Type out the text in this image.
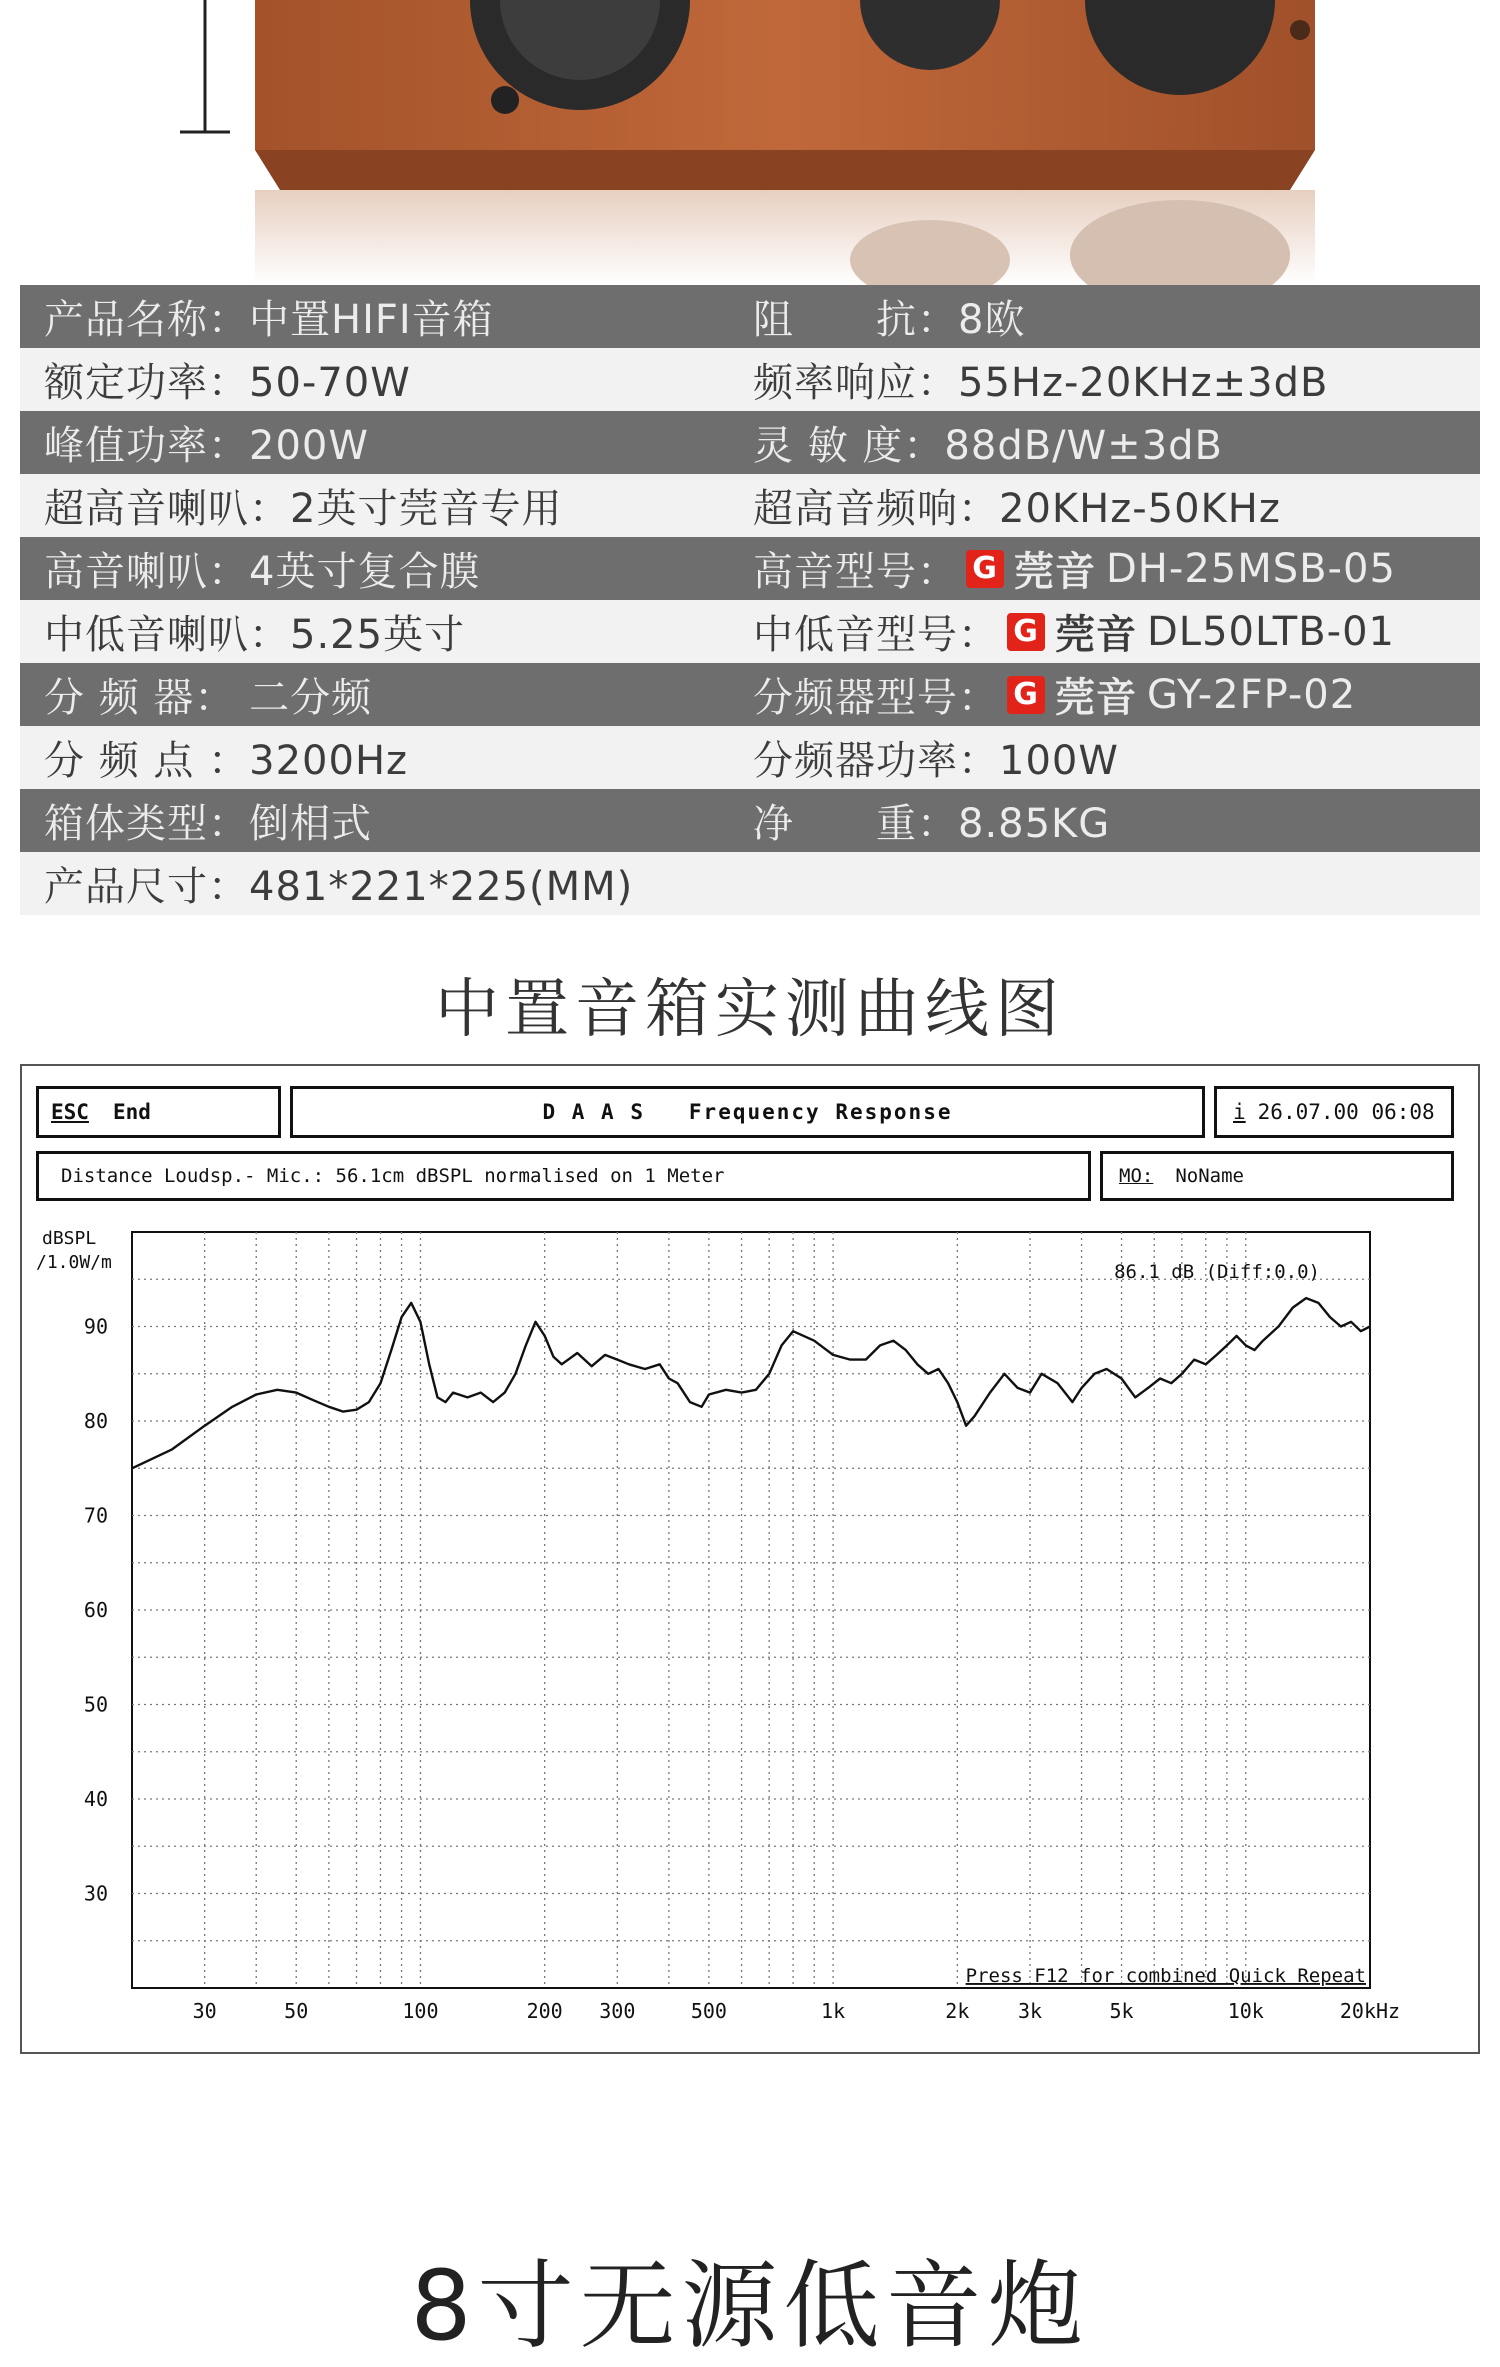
产品名称：中置HIFI音箱	阻　　抗：8欧
额定功率：50-70W	频率响应：55Hz-20KHz±3dB
峰值功率：200W	灵 敏 度：88dB/W±3dB
超高音喇叭：2英寸莞音专用	超高音频响：20KHz-50KHz
高音喇叭：4英寸复合膜	高音型号： G 莞音 DH-25MSB-05
中低音喇叭：5.25英寸	中低音型号： G 莞音 DL50LTB-01
分 频 器： 二分频	分频器型号： G 莞音 GY-2FP-02
分 频 点 ：3200Hz	分频器功率：100W
箱体类型：倒相式	净　　重：8.85KG
产品尺寸：481*221*225(MM)
中置音箱实测曲线图
ESC End	D A A S   Frequency Response	i 26.07.00 06:08
Distance Loudsp.- Mic.: 56.1cm dBSPL normalised on 1 Meter	MO: NoName
30
40
50
60
70
80
90
dBSPL
/1.0W/m
30	50	100	200 300	500	1k	2k 3k	5k	10k	20kHz
86.1 dB (Diff:0.0)
Press F12 for combined Quick Repeat
8寸无源低音炮
